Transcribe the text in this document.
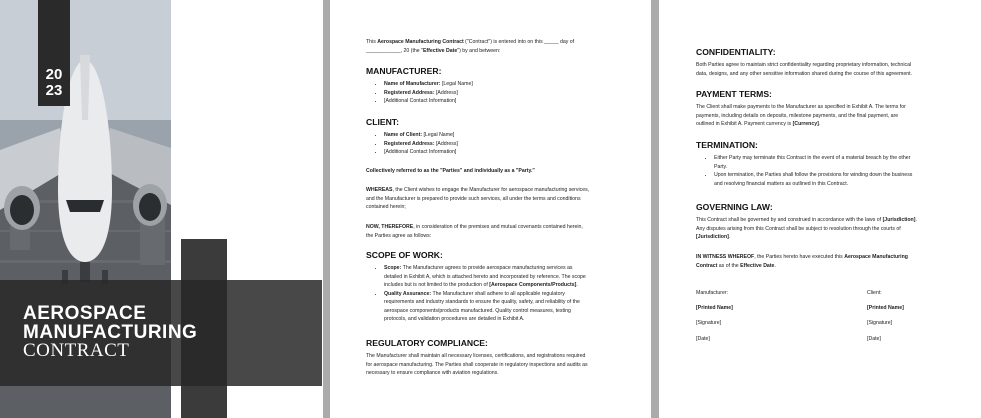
20
23
AEROSPACE
MANUFACTURING
CONTRACT
This Aerospace Manufacturing Contract ("Contract") is entered into on this _____ day of
____________, 20 (the "Effective Date") by and between:

MANUFACTURER:

• Name of Manufacturer: [Legal Name]
• Registered Address: [Address]
• [Additional Contact Information]

CLIENT:

• Name of Client: [Legal Name]
• Registered Address: [Address]
• [Additional Contact Information]
Collectively referred to as the "Parties" and individually as a "Party."
WHEREAS, the Client wishes to engage the Manufacturer for aerospace manufacturing services,
and the Manufacturer is prepared to provide such services, all under the terms and conditions
contained herein;
NOW, THEREFORE, in consideration of the premises and mutual covenants contained herein,
the Parties agree as follows:

SCOPE OF WORK:

• Scope: The Manufacturer agrees to provide aerospace manufacturing services as
detailed in Exhibit A, which is attached hereto and incorporated by reference. The scope
includes but is not limited to the production of [Aerospace Components/Products].
• Quality Assurance: The Manufacturer shall adhere to all applicable regulatory
requirements and industry standards to ensure the quality, safety, and reliability of the
aerospace components/products manufactured. Quality control measures, testing
protocols, and validation procedures are detailed in Exhibit A.

REGULATORY COMPLIANCE:

The Manufacturer shall maintain all necessary licenses, certifications, and registrations required
for aerospace manufacturing. The Parties shall cooperate in regulatory inspections and audits as
necessary to ensure compliance with aviation regulations.

CONFIDENTIALITY:

Both Parties agree to maintain strict confidentiality regarding proprietary information, technical
data, designs, and any other sensitive information shared during the course of this agreement.

PAYMENT TERMS:

The Client shall make payments to the Manufacturer as specified in Exhibit A. The terms for
payments, including details on deposits, milestone payments, and the final payment, are
outlined in Exhibit A. Payment currency is [Currency].

TERMINATION:

• Either Party may terminate this Contract in the event of a material breach by the other
Party.
• Upon termination, the Parties shall follow the provisions for winding down the business
and resolving financial matters as outlined in this Contract.

GOVERNING LAW:

This Contract shall be governed by and construed in accordance with the laws of [Jurisdiction].
Any disputes arising from this Contract shall be subject to resolution through the courts of
[Jurisdiction].
IN WITNESS WHEREOF, the Parties hereto have executed this Aerospace Manufacturing
Contract as of the Effective Date.
Manufacturer:
[Printed Name]
[Signature]
[Date]
Client:
[Printed Name]
[Signature]
[Date]
